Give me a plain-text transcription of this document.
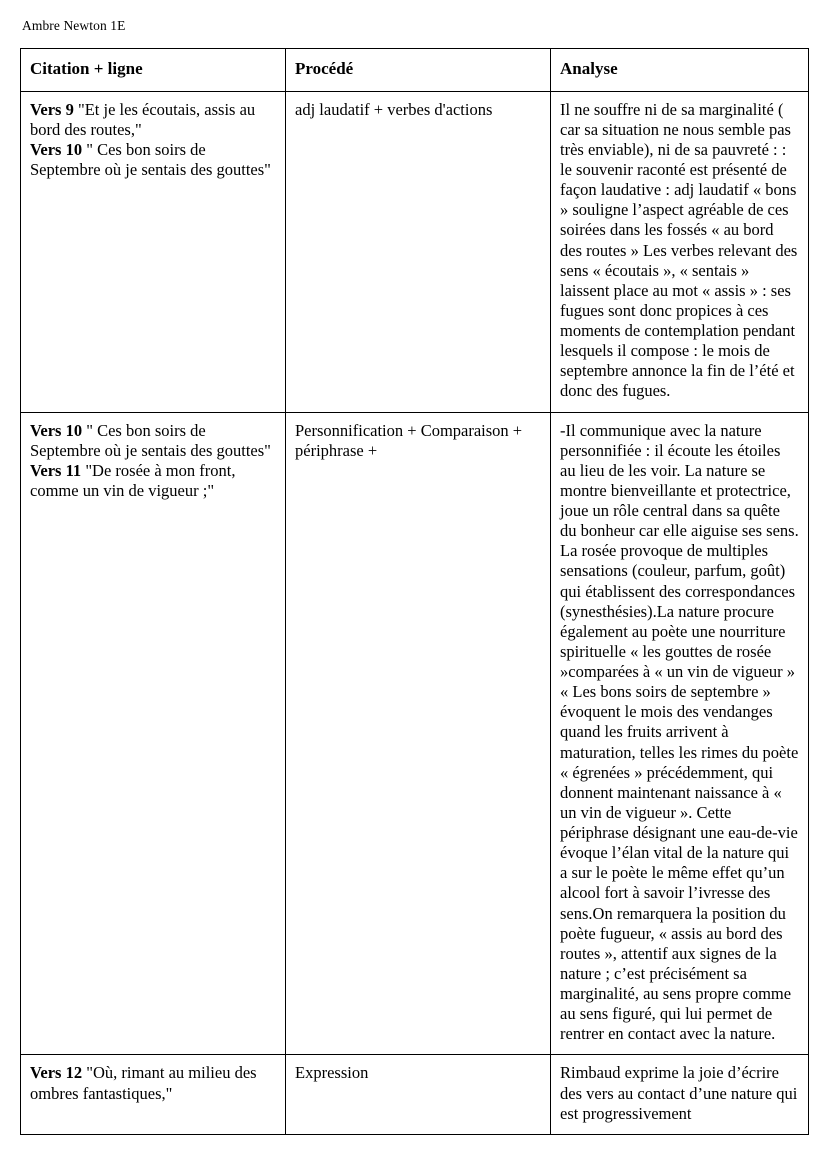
Ambre Newton 1E
Citation + ligne	Procédé	Analyse

Vers 9 "Et je les écoutais, assis au bord des routes,"
Vers 10 " Ces bon soirs de Septembre où je sentais des gouttes"	adj laudatif + verbes d'actions	Il ne souffre ni de sa marginalité ( car sa situation ne nous semble pas très enviable), ni de sa pauvreté : : le souvenir raconté est présenté de façon laudative : adj laudatif « bons » souligne l’aspect agréable de ces soirées dans les fossés « au bord des routes » Les verbes relevant des sens « écoutais », « sentais » laissent place au mot « assis » : ses fugues sont donc propices à ces moments de contemplation pendant lesquels il compose : le mois de septembre annonce la fin de l’été et donc des fugues.

Vers 10 " Ces bon soirs de Septembre où je sentais des gouttes"
Vers 11 "De rosée à mon front, comme un vin de vigueur ;"	Personnification + Comparaison + périphrase +	-Il communique avec la nature personnifiée : il écoute les étoiles au lieu de les voir. La nature se montre bienveillante et protectrice, joue un rôle central dans sa quête du bonheur car elle aiguise ses sens. La rosée provoque de multiples sensations (couleur, parfum, goût) qui établissent des correspondances (synesthésies).La nature procure également au poète une nourriture spirituelle « les gouttes de rosée »comparées à « un vin de vigueur » « Les bons soirs de septembre » évoquent le mois des vendanges quand les fruits arrivent à maturation, telles les rimes du poète « égrenées » précédemment, qui donnent maintenant naissance à « un vin de vigueur ». Cette périphrase désignant une eau-de-vie évoque l’élan vital de la nature qui a sur le poète le même effet qu’un alcool fort à savoir l’ivresse des sens.On remarquera la position du poète fugueur, « assis au bord des routes », attentif aux signes de la nature ; c’est précisément sa marginalité, au sens propre comme au sens figuré, qui lui permet de rentrer en contact avec la nature.

Vers 12 "Où, rimant au milieu des ombres fantastiques,"	Expression	Rimbaud exprime la joie d’écrire des vers au contact d’une nature qui est progressivement
